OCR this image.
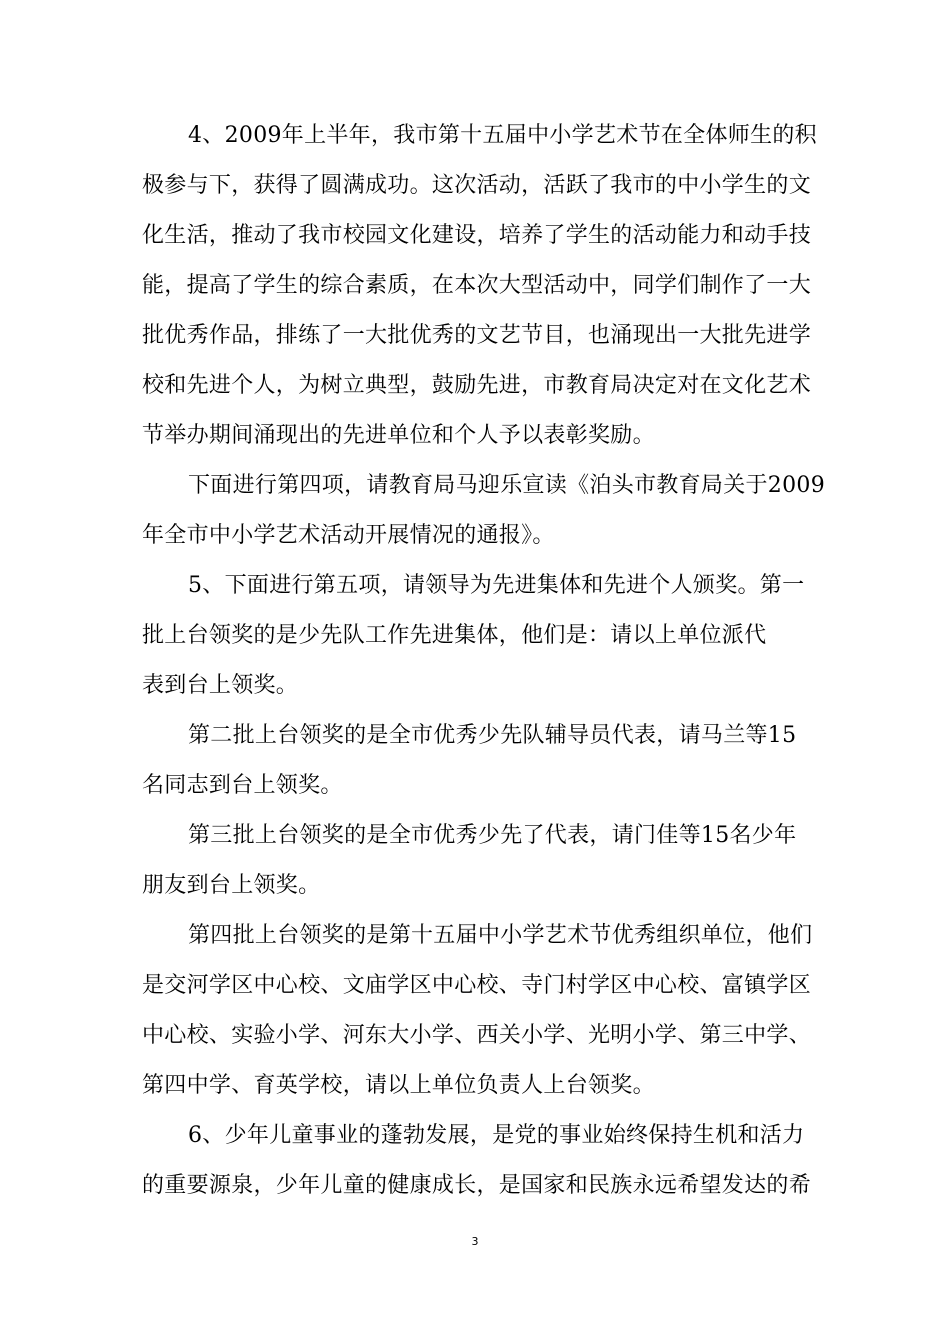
4、2009年上半年，我市第十五届中小学艺术节在全体师生的积
极参与下，获得了圆满成功。这次活动，活跃了我市的中小学生的文
化生活，推动了我市校园文化建设，培养了学生的活动能力和动手技
能，提高了学生的综合素质，在本次大型活动中，同学们制作了一大
批优秀作品，排练了一大批优秀的文艺节目，也涌现出一大批先进学
校和先进个人，为树立典型，鼓励先进，市教育局决定对在文化艺术
节举办期间涌现出的先进单位和个人予以表彰奖励。
下面进行第四项，请教育局马迎乐宣读《泊头市教育局关于2009
年全市中小学艺术活动开展情况的通报》。
5、下面进行第五项，请领导为先进集体和先进个人颁奖。第一
批上台领奖的是少先队工作先进集体，他们是：请以上单位派代
表到台上领奖。
第二批上台领奖的是全市优秀少先队辅导员代表，请马兰等15
名同志到台上领奖。
第三批上台领奖的是全市优秀少先了代表，请门佳等15名少年
朋友到台上领奖。
第四批上台领奖的是第十五届中小学艺术节优秀组织单位，他们
是交河学区中心校、文庙学区中心校、寺门村学区中心校、富镇学区
中心校、实验小学、河东大小学、西关小学、光明小学、第三中学、
第四中学、育英学校，请以上单位负责人上台领奖。
6、少年儿童事业的蓬勃发展，是党的事业始终保持生机和活力
的重要源泉，少年儿童的健康成长，是国家和民族永远希望发达的希
3
